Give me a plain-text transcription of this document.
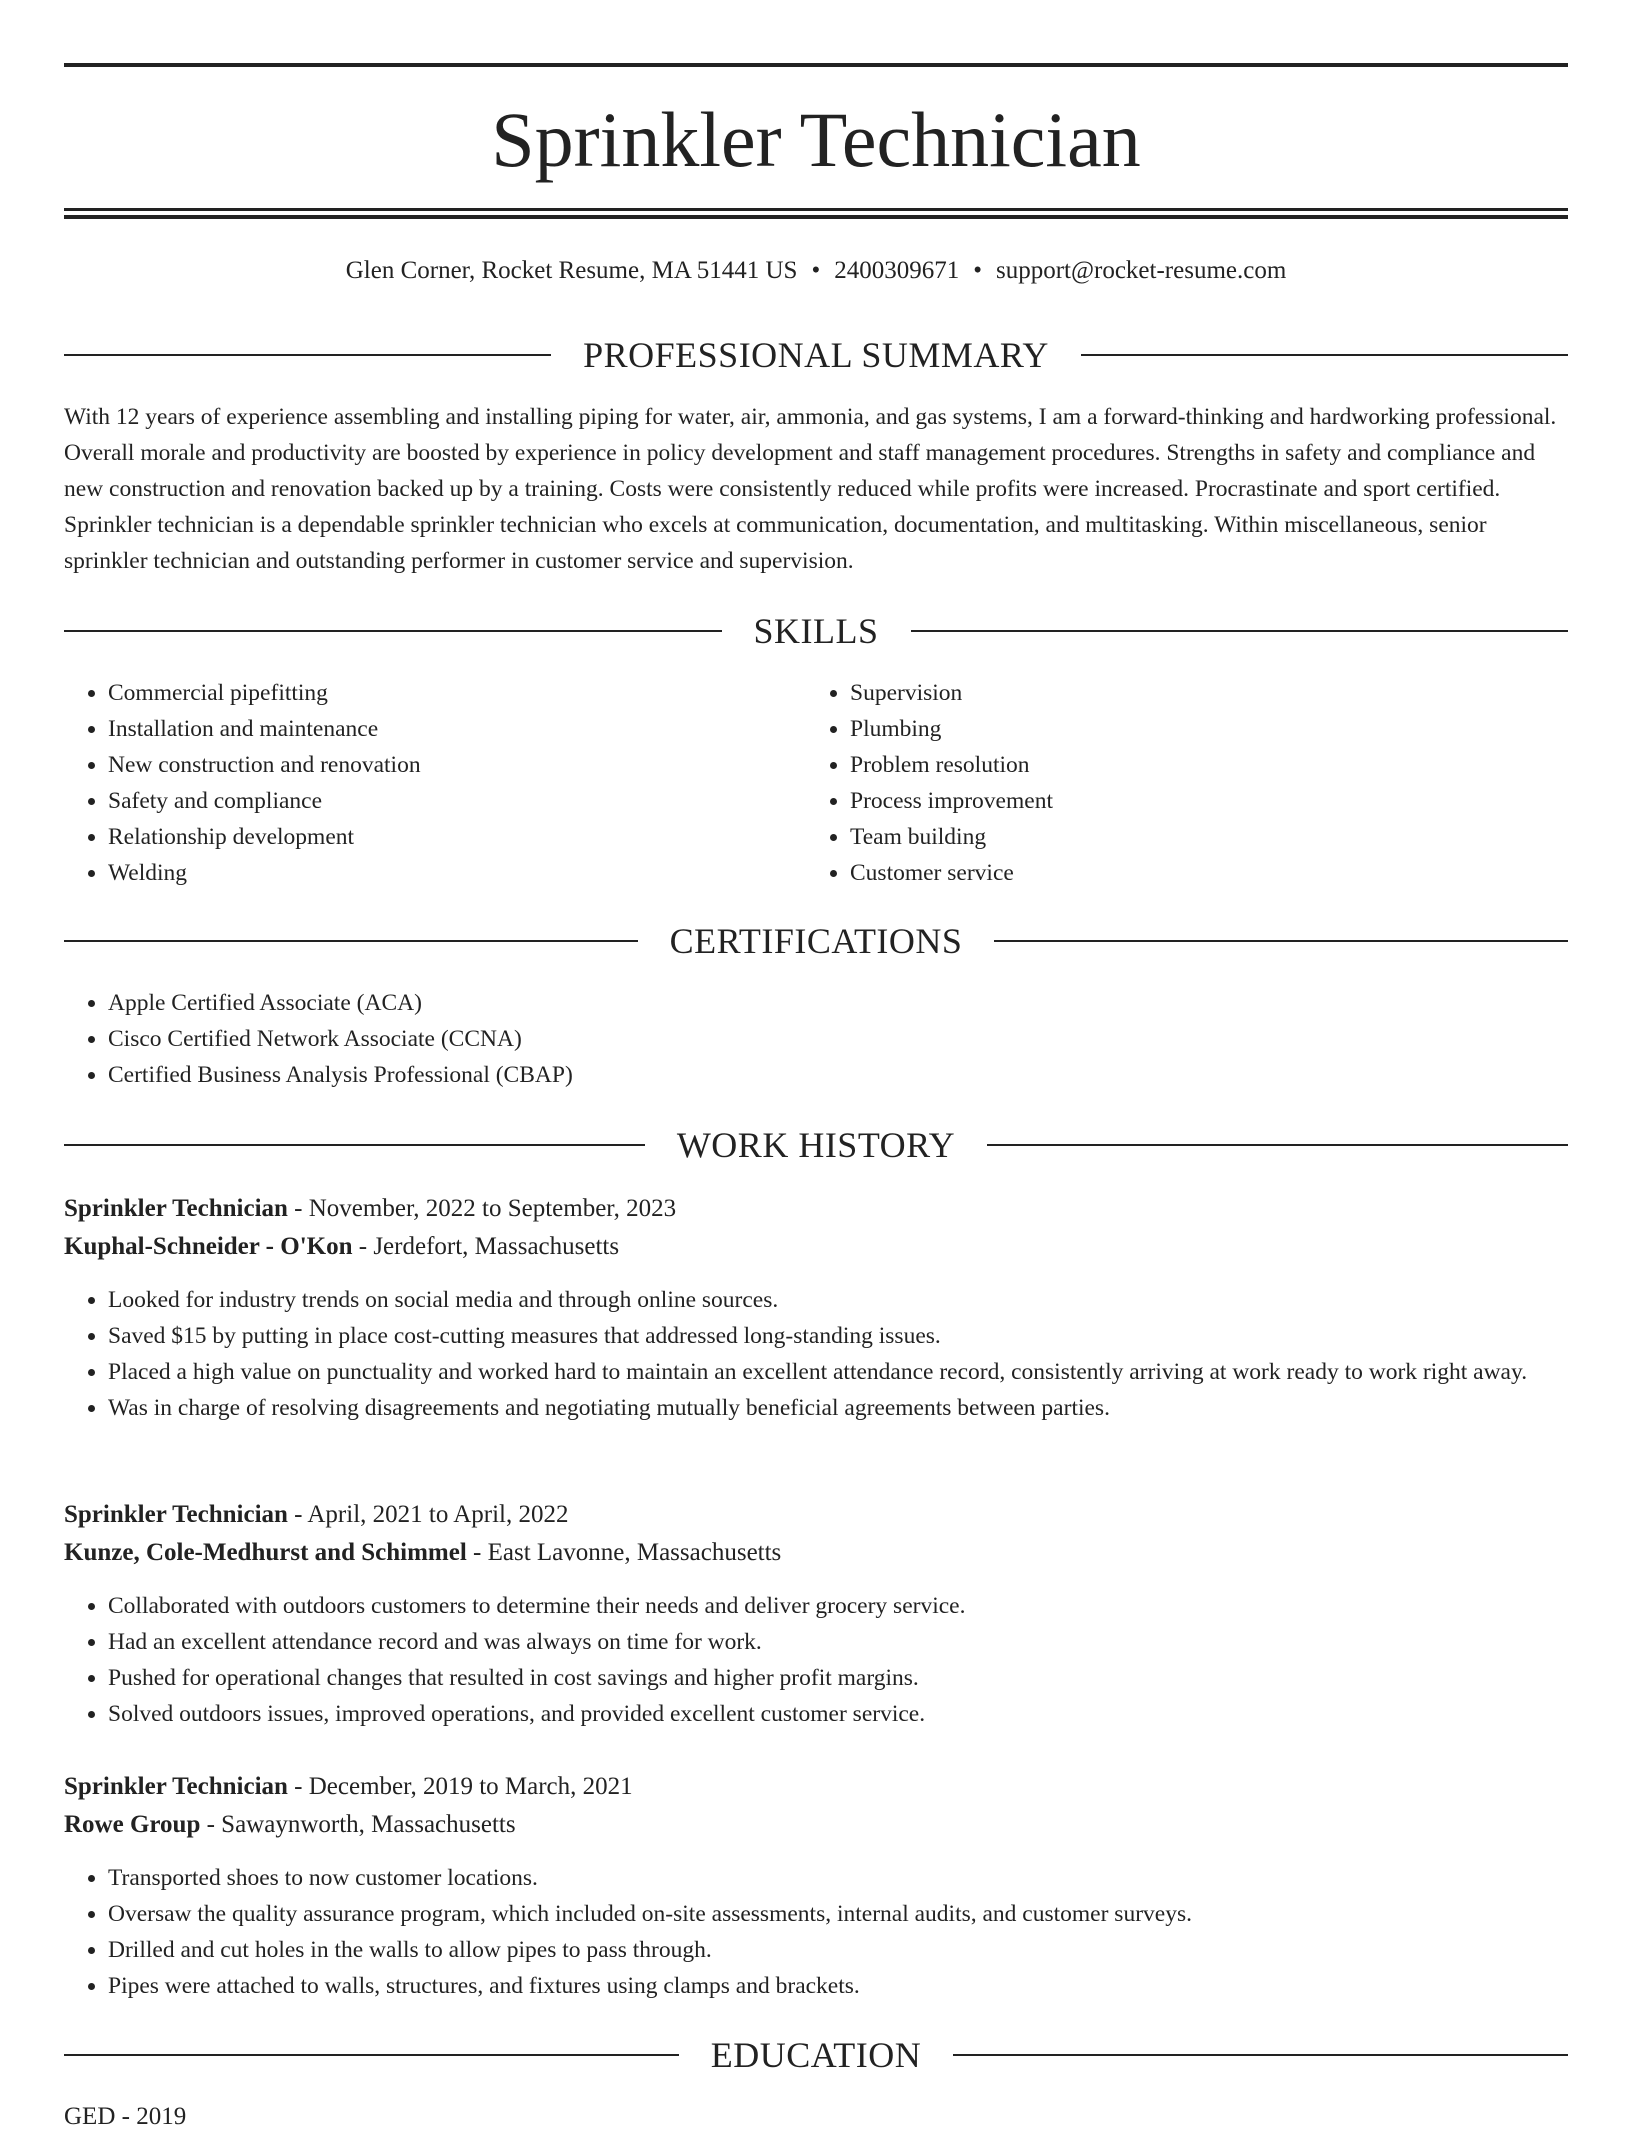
Sprinkler Technician
Glen Corner, Rocket Resume, MA 51441 US • 2400309671 • support@rocket-resume.com
PROFESSIONAL SUMMARY

With 12 years of experience assembling and installing piping for water, air, ammonia, and gas systems, I am a forward-thinking and hardworking professional. Overall morale and productivity are boosted by experience in policy development and staff management procedures. Strengths in safety and compliance and new construction and renovation backed up by a training. Costs were consistently reduced while profits were increased. Procrastinate and sport certified. Sprinkler technician is a dependable sprinkler technician who excels at communication, documentation, and multitasking. Within miscellaneous, senior sprinkler technician and outstanding performer in customer service and supervision.

SKILLS
• Commercial pipefitting
• Installation and maintenance
• New construction and renovation
• Safety and compliance
• Relationship development
• Welding
• Supervision
• Plumbing
• Problem resolution
• Process improvement
• Team building
• Customer service
CERTIFICATIONS
• Apple Certified Associate (ACA)
• Cisco Certified Network Associate (CCNA)
• Certified Business Analysis Professional (CBAP)
WORK HISTORY
Sprinkler Technician - November, 2022 to September, 2023
Kuphal-Schneider - O'Kon - Jerdefort, Massachusetts
• Looked for industry trends on social media and through online sources.
• Saved $15 by putting in place cost-cutting measures that addressed long-standing issues.
• Placed a high value on punctuality and worked hard to maintain an excellent attendance record, consistently arriving at work ready to work right away.
• Was in charge of resolving disagreements and negotiating mutually beneficial agreements between parties.
Sprinkler Technician - April, 2021 to April, 2022
Kunze, Cole-Medhurst and Schimmel - East Lavonne, Massachusetts
• Collaborated with outdoors customers to determine their needs and deliver grocery service.
• Had an excellent attendance record and was always on time for work.
• Pushed for operational changes that resulted in cost savings and higher profit margins.
• Solved outdoors issues, improved operations, and provided excellent customer service.
Sprinkler Technician - December, 2019 to March, 2021
Rowe Group - Sawaynworth, Massachusetts
• Transported shoes to now customer locations.
• Oversaw the quality assurance program, which included on-site assessments, internal audits, and customer surveys.
• Drilled and cut holes in the walls to allow pipes to pass through.
• Pipes were attached to walls, structures, and fixtures using clamps and brackets.
EDUCATION
GED - 2019
